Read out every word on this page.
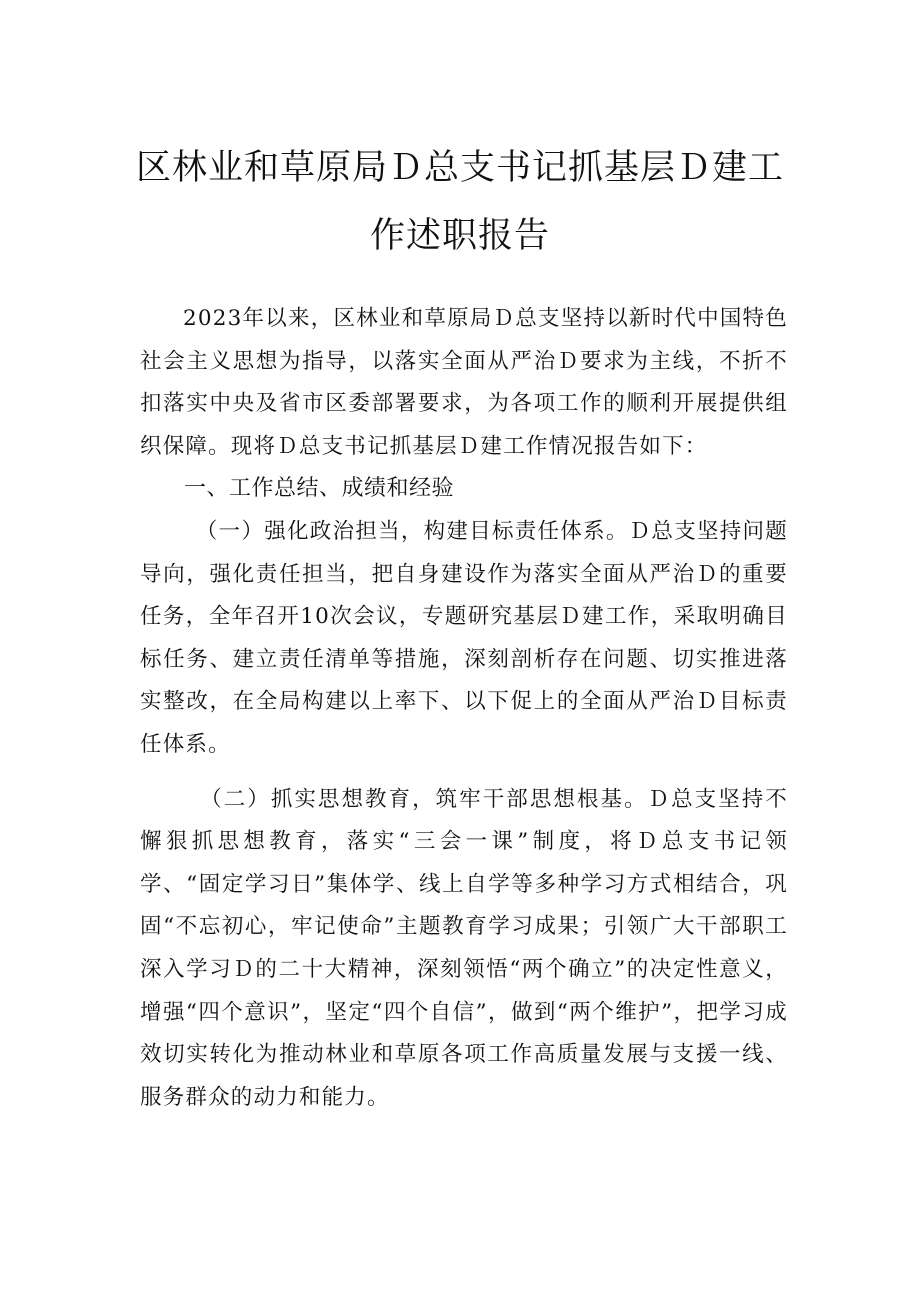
区林业和草原局Ｄ总支书记抓基层Ｄ建工
作述职报告

2023年以来，区林业和草原局Ｄ总支坚持以新时代中国特色社会主义思想为指导，以落实全面从严治Ｄ要求为主线，不折不扣落实中央及省市区委部署要求，为各项工作的顺利开展提供组织保障。现将Ｄ总支书记抓基层Ｄ建工作情况报告如下：

一、工作总结、成绩和经验

（一）强化政治担当，构建目标责任体系。Ｄ总支坚持问题导向，强化责任担当，把自身建设作为落实全面从严治Ｄ的重要任务，全年召开10次会议，专题研究基层Ｄ建工作，采取明确目标任务、建立责任清单等措施，深刻剖析存在问题、切实推进落实整改，在全局构建以上率下、以下促上的全面从严治Ｄ目标责任体系。

（二）抓实思想教育，筑牢干部思想根基。Ｄ总支坚持不懈狠抓思想教育，落实“三会一课”制度，将Ｄ总支书记领学、“固定学习日”集体学、线上自学等多种学习方式相结合，巩固“不忘初心，牢记使命”主题教育学习成果；引领广大干部职工深入学习Ｄ的二十大精神，深刻领悟“两个确立”的决定性意义，增强“四个意识”，坚定“四个自信”，做到“两个维护”，把学习成效切实转化为推动林业和草原各项工作高质量发展与支援一线、服务群众的动力和能力。
